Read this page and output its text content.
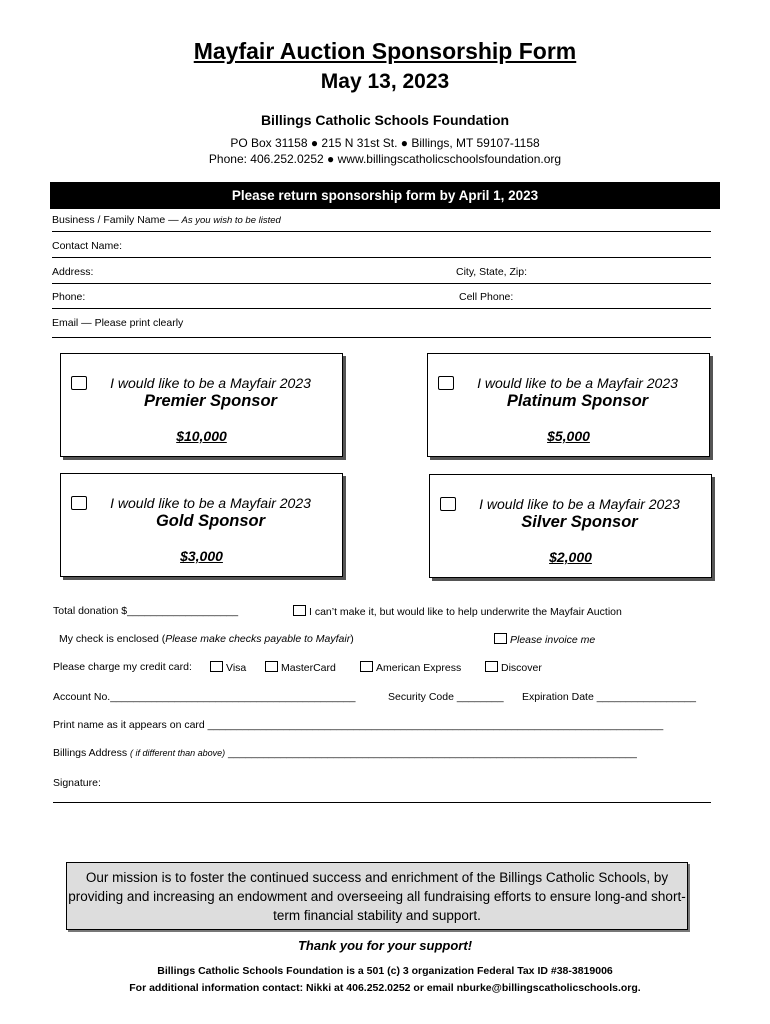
Mayfair Auction Sponsorship Form
May 13, 2023
Billings Catholic Schools Foundation
PO Box 31158 ● 215 N 31st St. ● Billings, MT 59107-1158
Phone: 406.252.0252 ● www.billingscatholicschoolsfoundation.org
Please return sponsorship form by April 1, 2023
Business / Family Name — As you wish to be listed
Contact Name:
Address:	City, State, Zip:
Phone:	Cell Phone:
Email — Please print clearly
I would like to be a Mayfair 2023
Premier Sponsor
$10,000
I would like to be a Mayfair 2023
Platinum Sponsor
$5,000
I would like to be a Mayfair 2023
Gold Sponsor
$3,000
I would like to be a Mayfair 2023
Silver Sponsor
$2,000
Total donation $___________________	I can’t make it, but would like to help underwrite the Mayfair Auction
My check is enclosed (Please make checks payable to Mayfair)	Please invoice me
Please charge my credit card:	Visa	MasterCard	American Express	Discover
Account No.__________________________________________	Security Code ________ Expiration Date _________________
Print name as it appears on card ______________________________________________________________________________
Billings Address ( if different than above) ______________________________________________________________________
Signature:
Our mission is to foster the continued success and enrichment of the Billings Catholic Schools, by providing and increasing an endowment and overseeing all fundraising efforts to ensure long-and short-term financial stability and support.
Thank you for your support!
Billings Catholic Schools Foundation is a 501 (c) 3 organization Federal Tax ID #38-3819006
For additional information contact: Nikki at 406.252.0252 or email nburke@billingscatholicschools.org.
